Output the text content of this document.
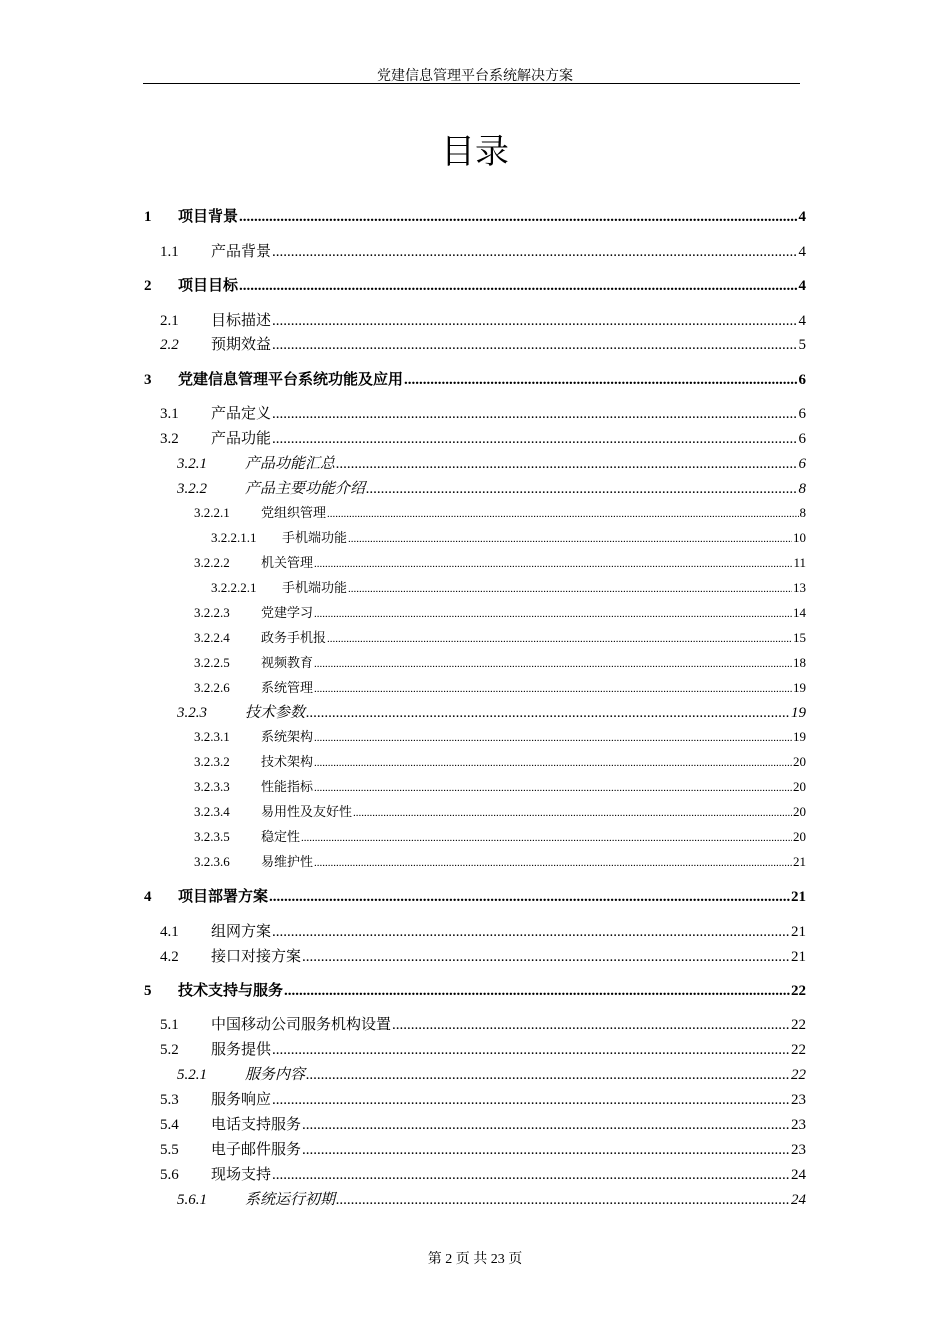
党建信息管理平台系统解决方案
目录
1	项目背景 .....	4
1.1	产品背景 .....	4
2	项目目标 .....	4
2.1	目标描述 .....	4
2.2	预期效益 .....	5
3	党建信息管理平台系统功能及应用 .....	6
3.1	产品定义 .....	6
3.2	产品功能 .....	6
3.2.1	产品功能汇总 .....	6
3.2.2	产品主要功能介绍 .....	8
3.2.2.1	党组织管理 .....	8
3.2.2.1.1	手机端功能 .....	10
3.2.2.2	机关管理 .....	11
3.2.2.2.1	手机端功能 .....	13
3.2.2.3	党建学习 .....	14
3.2.2.4	政务手机报 .....	15
3.2.2.5	视频教育 .....	18
3.2.2.6	系统管理 .....	19
3.2.3	技术参数 .....	19
3.2.3.1	系统架构 .....	19
3.2.3.2	技术架构 .....	20
3.2.3.3	性能指标 .....	20
3.2.3.4	易用性及友好性 .....	20
3.2.3.5	稳定性 .....	20
3.2.3.6	易维护性 .....	21
4	项目部署方案 .....	21
4.1	组网方案 .....	21
4.2	接口对接方案 .....	21
5	技术支持与服务 .....	22
5.1	中国移动公司服务机构设置 .....	22
5.2	服务提供 .....	22
5.2.1	服务内容 .....	22
5.3	服务响应 .....	23
5.4	电话支持服务 .....	23
5.5	电子邮件服务 .....	23
5.6	现场支持 .....	24
5.6.1	系统运行初期 .....	24
第 2 页 共 23 页
